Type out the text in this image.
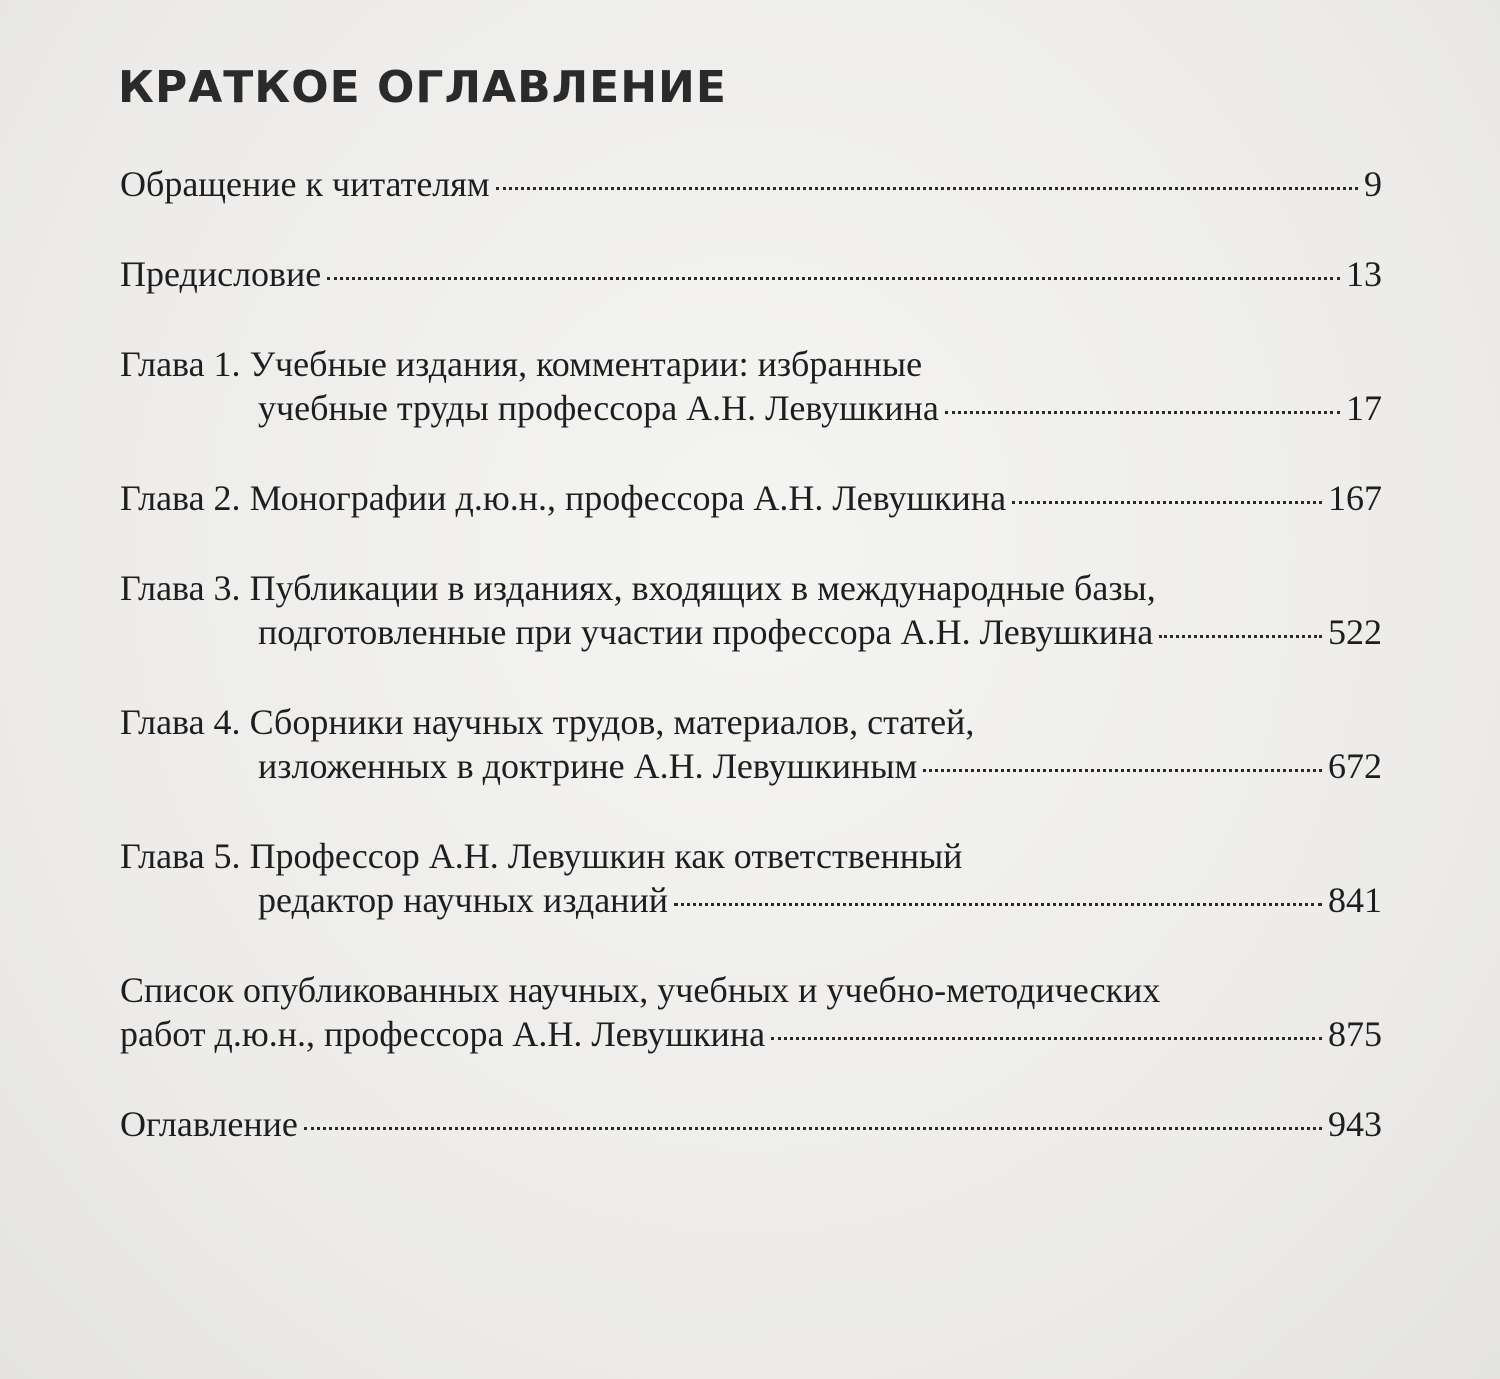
КРАТКОЕ ОГЛАВЛЕНИЕ
Обращение к читателям	9
Предисловие	13
Глава 1.
Учебные издания, комментарии: избранные
учебные труды профессора А.Н. Левушкина	17
Глава 2.
Монографии д.ю.н., профессора А.Н. Левушкина	167
Глава 3.
Публикации в изданиях, входящих в международные базы,
подготовленные при участии профессора А.Н. Левушкина	522
Глава 4.
Сборники научных трудов, материалов, статей,
изложенных в доктрине А.Н. Левушкиным	672
Глава 5.
Профессор А.Н. Левушкин как ответственный
редактор научных изданий	841
Список опубликованных научных, учебных и учебно-методических
работ д.ю.н., профессора А.Н. Левушкина	875
Оглавление	943
